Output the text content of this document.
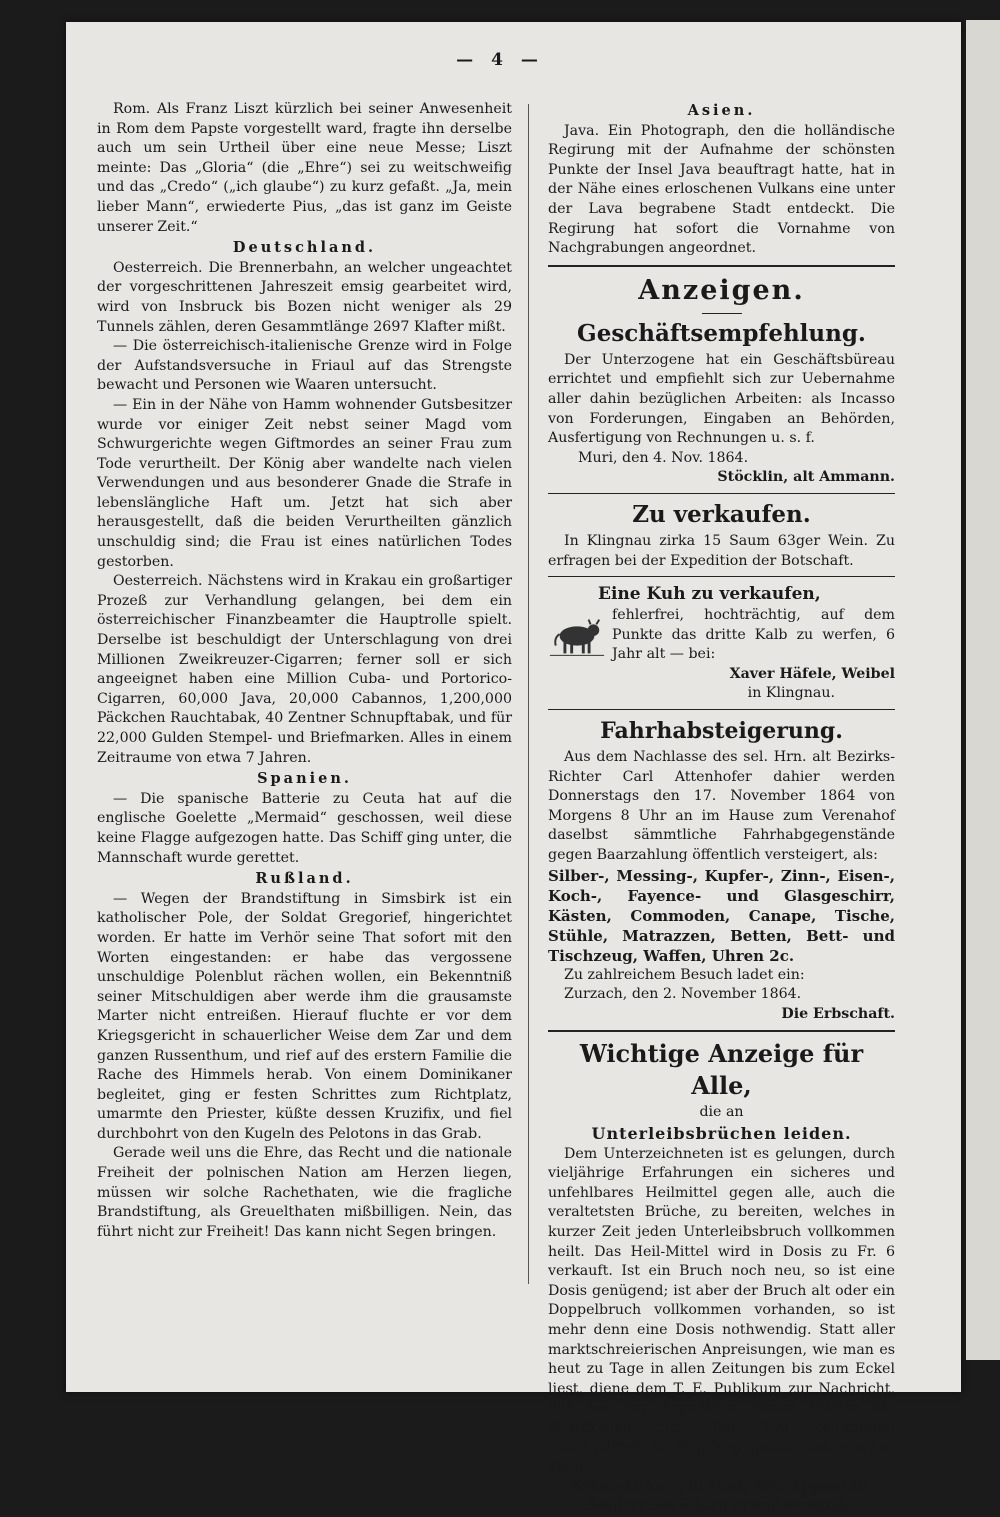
— 4 —

Rom. Als Franz Liszt kürzlich bei seiner Anwesenheit in Rom dem Papste vorgestellt ward, fragte ihn derselbe auch um sein Urtheil über eine neue Messe; Liszt meinte: Das „Gloria“ (die „Ehre“) sei zu weitschweifig und das „Credo“ („ich glaube“) zu kurz gefaßt. „Ja, mein lieber Mann“, erwiederte Pius, „das ist ganz im Geiste unserer Zeit.“

Deutschland.

Oesterreich. Die Brennerbahn, an welcher ungeachtet der vorgeschrittenen Jahreszeit emsig gearbeitet wird, wird von Insbruck bis Bozen nicht weniger als 29 Tunnels zählen, deren Gesammtlänge 2697 Klafter mißt.

— Die österreichisch-italienische Grenze wird in Folge der Aufstandsversuche in Friaul auf das Strengste bewacht und Personen wie Waaren untersucht.

— Ein in der Nähe von Hamm wohnender Gutsbesitzer wurde vor einiger Zeit nebst seiner Magd vom Schwurgerichte wegen Giftmordes an seiner Frau zum Tode verurtheilt. Der König aber wandelte nach vielen Verwendungen und aus besonderer Gnade die Strafe in lebenslängliche Haft um. Jetzt hat sich aber herausgestellt, daß die beiden Verurtheilten gänzlich unschuldig sind; die Frau ist eines natürlichen Todes gestorben.

Oesterreich. Nächstens wird in Krakau ein großartiger Prozeß zur Verhandlung gelangen, bei dem ein österreichischer Finanzbeamter die Hauptrolle spielt. Derselbe ist beschuldigt der Unterschlagung von drei Millionen Zweikreuzer-Cigarren; ferner soll er sich angeeignet haben eine Million Cuba- und Portorico-Cigarren, 60,000 Java, 20,000 Cabannos, 1,200,000 Päckchen Rauchtabak, 40 Zentner Schnupftabak, und für 22,000 Gulden Stempel- und Briefmarken. Alles in einem Zeitraume von etwa 7 Jahren.

Spanien.

— Die spanische Batterie zu Ceuta hat auf die englische Goelette „Mermaid“ geschossen, weil diese keine Flagge aufgezogen hatte. Das Schiff ging unter, die Mannschaft wurde gerettet.

Rußland.

— Wegen der Brandstiftung in Simsbirk ist ein katholischer Pole, der Soldat Gregorief, hingerichtet worden. Er hatte im Verhör seine That sofort mit den Worten eingestanden: er habe das vergossene unschuldige Polenblut rächen wollen, ein Bekenntniß seiner Mitschuldigen aber werde ihm die grausamste Marter nicht entreißen. Hierauf fluchte er vor dem Kriegsgericht in schauerlicher Weise dem Zar und dem ganzen Russenthum, und rief auf des erstern Familie die Rache des Himmels herab. Von einem Dominikaner begleitet, ging er festen Schrittes zum Richtplatz, umarmte den Priester, küßte dessen Kruzifix, und fiel durchbohrt von den Kugeln des Pelotons in das Grab.

Gerade weil uns die Ehre, das Recht und die nationale Freiheit der polnischen Nation am Herzen liegen, müssen wir solche Rachethaten, wie die fragliche Brandstiftung, als Greuelthaten mißbilligen. Nein, das führt nicht zur Freiheit! Das kann nicht Segen bringen.

Asien.

Java. Ein Photograph, den die holländische Regirung mit der Aufnahme der schönsten Punkte der Insel Java beauftragt hatte, hat in der Nähe eines erloschenen Vulkans eine unter der Lava begrabene Stadt entdeckt. Die Regirung hat sofort die Vornahme von Nachgrabungen angeordnet.

Anzeigen.
Geschäftsempfehlung.

Der Unterzogene hat ein Geschäftsbüreau errichtet und empfiehlt sich zur Uebernahme aller dahin bezüglichen Arbeiten: als Incasso von Forderungen, Eingaben an Behörden, Ausfertigung von Rechnungen u. s. f.

Muri, den 4. Nov. 1864.

Stöcklin, alt Ammann.
Zu verkaufen.

In Klingnau zirka 15 Saum 63ger Wein. Zu erfragen bei der Expedition der Botschaft.

Eine Kuh zu verkaufen,

fehlerfrei, hochträchtig, auf dem Punkte das dritte Kalb zu werfen, 6 Jahr alt — bei:

Xaver Häfele, Weibel
in Klingnau.
Fahrhabsteigerung.

Aus dem Nachlasse des sel. Hrn. alt Bezirks-Richter Carl Attenhofer dahier werden Donnerstags den 17. November 1864 von Morgens 8 Uhr an im Hause zum Verenahof daselbst sämmtliche Fahrhabgegenstände gegen Baarzahlung öffentlich versteigert, als:

Silber-, Messing-, Kupfer-, Zinn-, Eisen-, Koch-, Fayence- und Glasgeschirr, Kästen, Commoden, Canape, Tische, Stühle, Matrazzen, Betten, Bett- und Tischzeug, Waffen, Uhren 2c.

Zu zahlreichem Besuch ladet ein:

Zurzach, den 2. November 1864.

Die Erbschaft.
Wichtige Anzeige für Alle,
die an
Unterleibsbrüchen leiden.

Dem Unterzeichneten ist es gelungen, durch vieljährige Erfahrungen ein sicheres und unfehlbares Heilmittel gegen alle, auch die veraltetsten Brüche, zu bereiten, welches in kurzer Zeit jeden Unterleibsbruch vollkommen heilt. Das Heil-Mittel wird in Dosis zu Fr. 6 verkauft. Ist ein Bruch noch neu, so ist eine Dosis genügend; ist aber der Bruch alt oder ein Doppelbruch vollkommen vorhanden, so ist mehr denn eine Dosis nothwendig. Statt aller marktschreierischen Anpreisungen, wie man es heut zu Tage in allen Zeitungen bis zum Eckel liest, diene dem T. E. Publikum zur Nachricht, daß bei der Expedition dieses Blattes ein Schriftchen mit über 100 Zeugnissen unentgeltlich in Empfang genommen werden kann

Krüsy-Altherr, in Gais, Kts. Appenzell,
Besitzer des ächten Bruchheilmittels.
